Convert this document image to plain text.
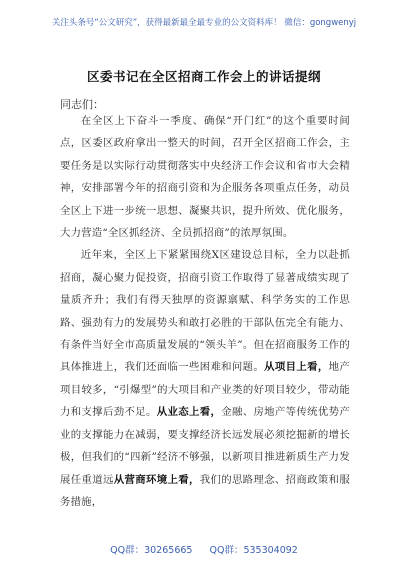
关注头条号“公文研究”，获得最新最全最专业的公文资料库！ 微信：gongwenyj
区委书记在全区招商工作会上的讲话提纲
同志们：

在全区上下奋斗一季度、确保“开门红”的这个重要时间点，区委区政府拿出一整天的时间，召开全区招商工作会，主要任务是以实际行动贯彻落实中央经济工作会议和省市大会精神，安排部署今年的招商引资和为企服务各项重点任务，动员全区上下进一步统一思想、凝聚共识，提升所效、优化服务，大力营造“全区抓经济、全员抓招商”的浓厚氛围。

近年来，全区上下紧紧围绕X区建设总目标，全力以赴抓招商，凝心聚力促投资，招商引资工作取得了显著成绩实现了量质齐升；我们有得天独厚的资源禀赋、科学务实的工作思路、强劲有力的发展势头和敢打必胜的干部队伍完全有能力、有条件当好全市高质量发展的“领头羊”。但在招商服务工作的具体推进上，我们还面临一些困难和问题。从项目上看，地产项目较多，“引爆型”的大项目和产业类的好项目较少，带动能力和支撑后劲不足。从业态上看，金融、房地产等传统优势产业的支撑能力在减弱，要支撑经济长远发展必须挖掘新的增长极，但我们的“四新”经济不够强，以新项目推进新质生产力发展任重道远从营商环境上看，我们的思路理念、招商政策和服务措施，

QQ群：30265665 QQ群：535304092
